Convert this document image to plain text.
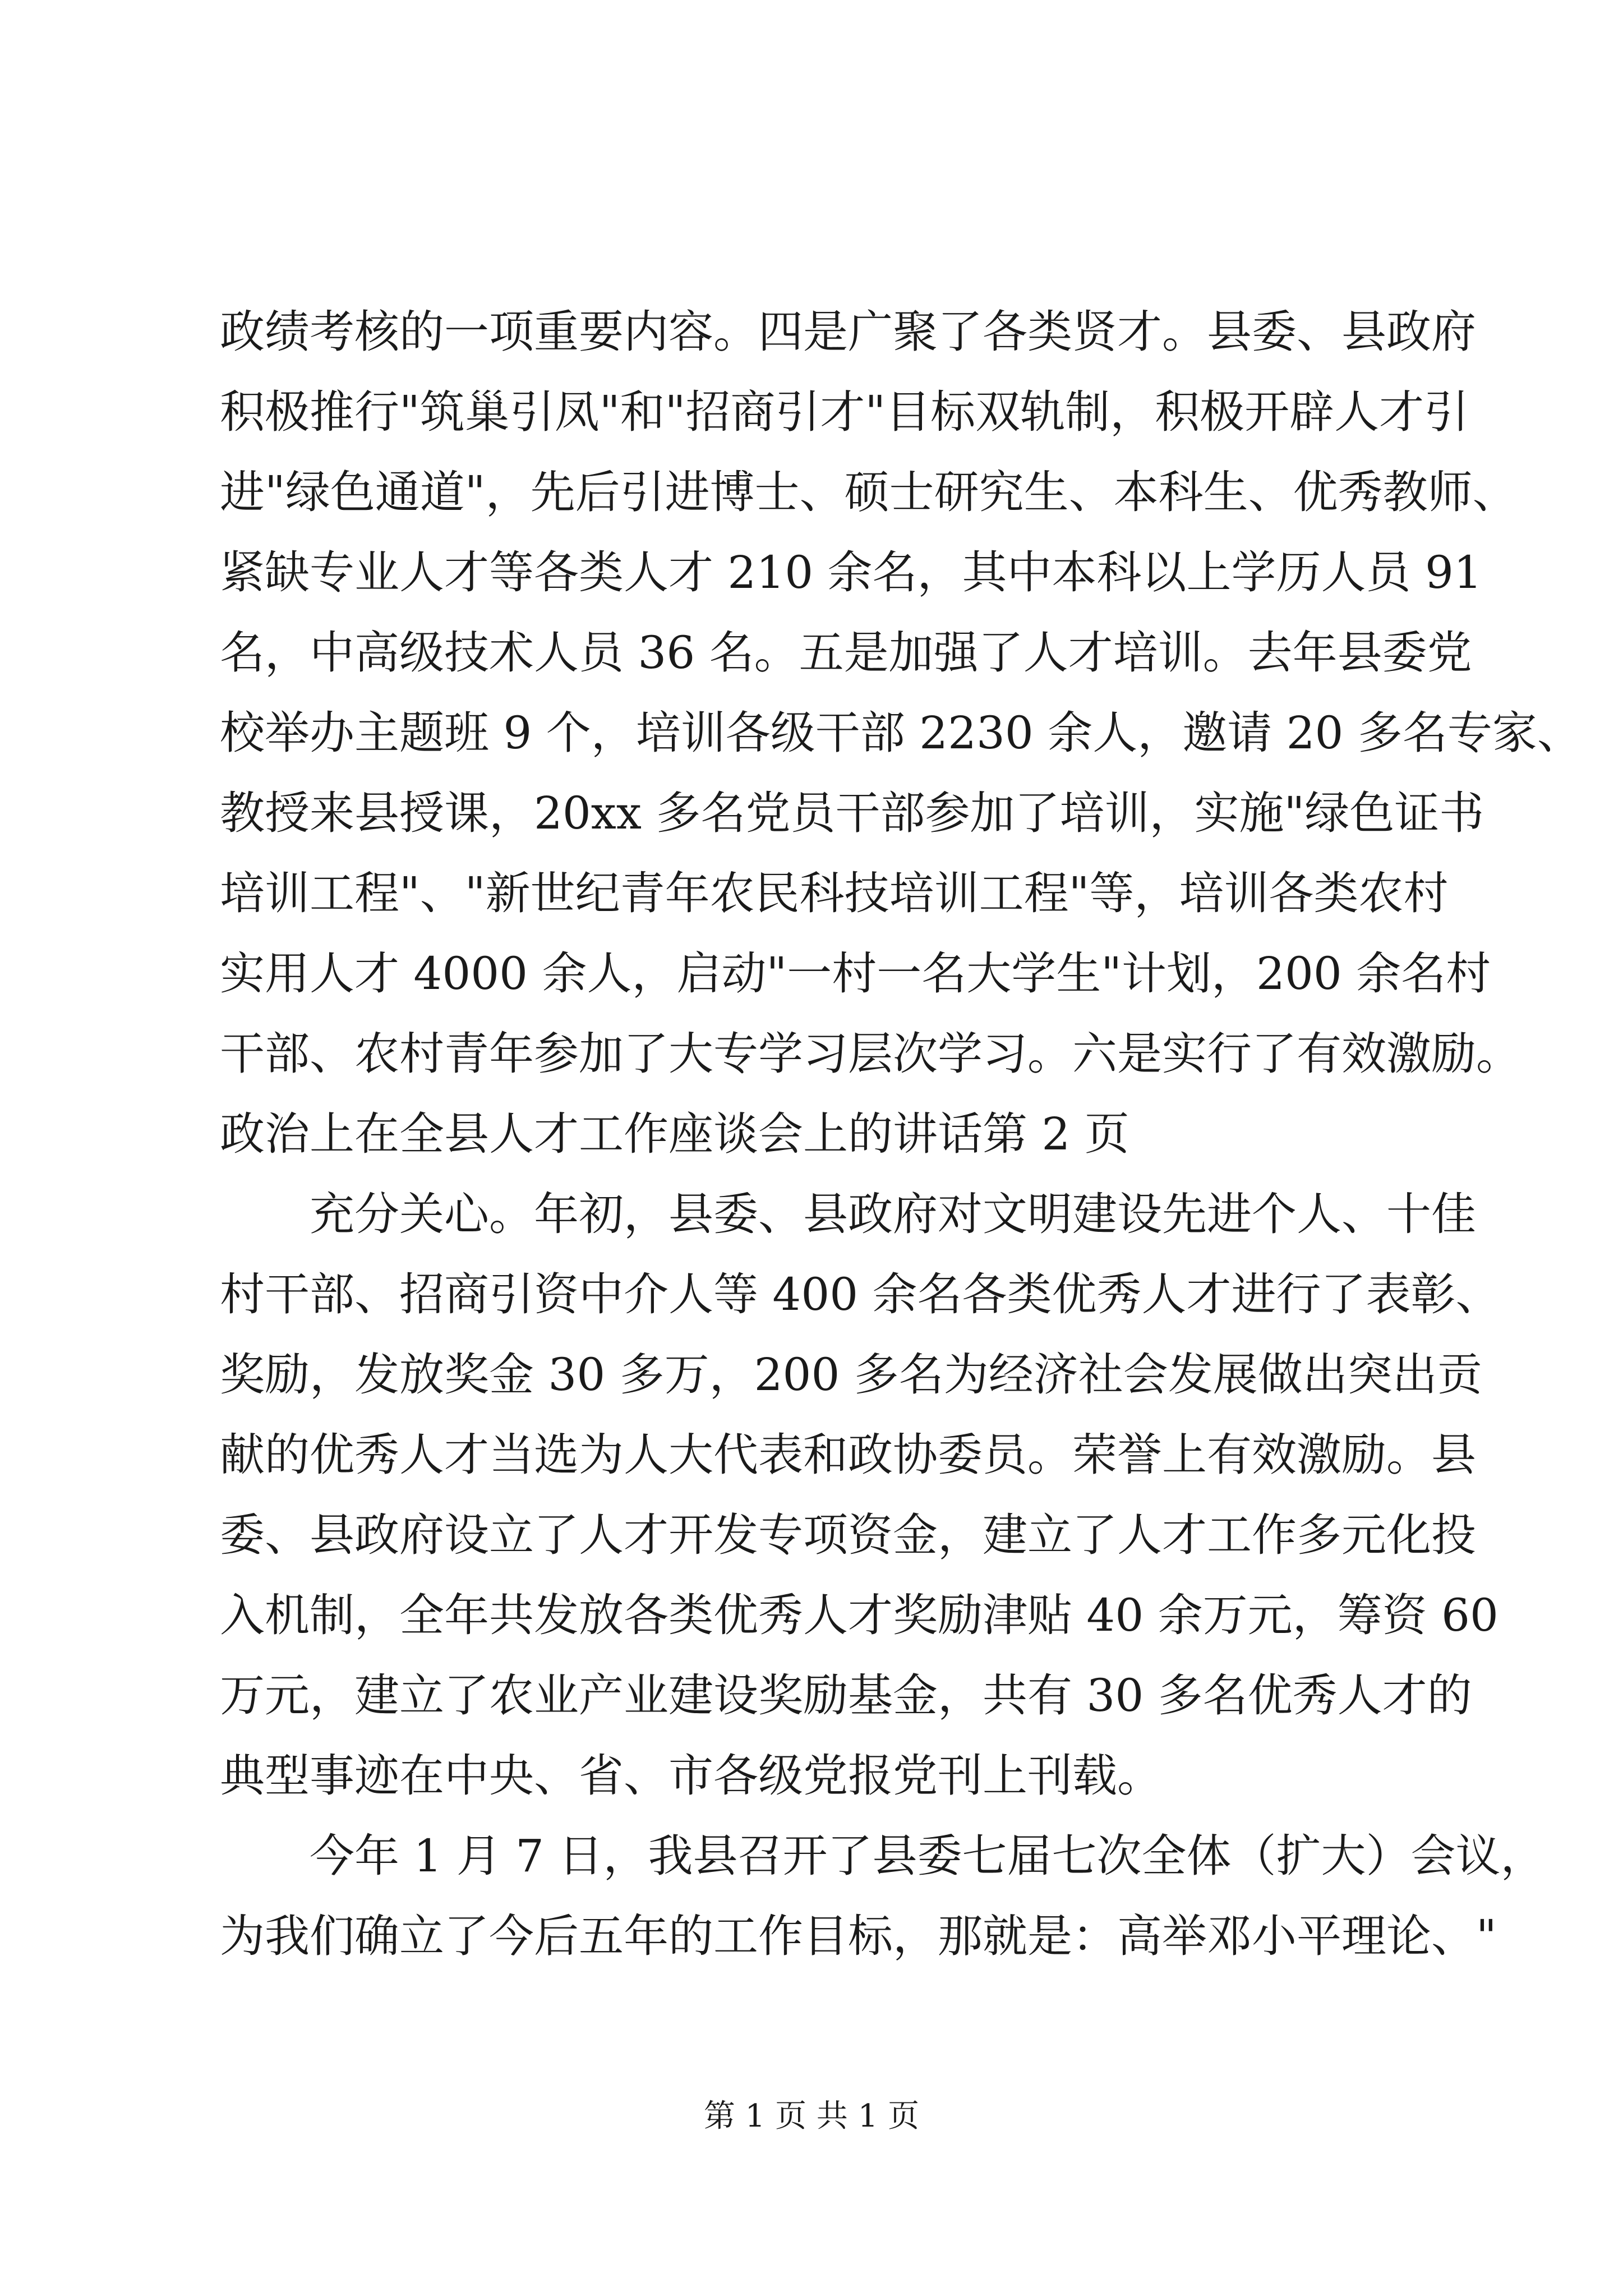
政绩考核的一项重要内容。四是广聚了各类贤才。县委、县政府
积极推行"筑巢引凤"和"招商引才"目标双轨制，积极开辟人才引
进"绿色通道"，先后引进博士、硕士研究生、本科生、优秀教师、
紧缺专业人才等各类人才 210 余名，其中本科以上学历人员 91
名，中高级技术人员 36 名。五是加强了人才培训。去年县委党
校举办主题班 9 个，培训各级干部 2230 余人，邀请 20 多名专家、
教授来县授课，20xx 多名党员干部参加了培训，实施"绿色证书
培训工程"、"新世纪青年农民科技培训工程"等，培训各类农村
实用人才 4000 余人，启动"一村一名大学生"计划，200 余名村
干部、农村青年参加了大专学习层次学习。六是实行了有效激励。
政治上在全县人才工作座谈会上的讲话第 2 页
充分关心。年初，县委、县政府对文明建设先进个人、十佳
村干部、招商引资中介人等 400 余名各类优秀人才进行了表彰、
奖励，发放奖金 30 多万，200 多名为经济社会发展做出突出贡
献的优秀人才当选为人大代表和政协委员。荣誉上有效激励。县
委、县政府设立了人才开发专项资金，建立了人才工作多元化投
入机制，全年共发放各类优秀人才奖励津贴 40 余万元，筹资 60
万元，建立了农业产业建设奖励基金，共有 30 多名优秀人才的
典型事迹在中央、省、市各级党报党刊上刊载。
今年 1 月 7 日，我县召开了县委七届七次全体（扩大）会议，
为我们确立了今后五年的工作目标，那就是：高举邓小平理论、"
第 1 页 共 1 页
